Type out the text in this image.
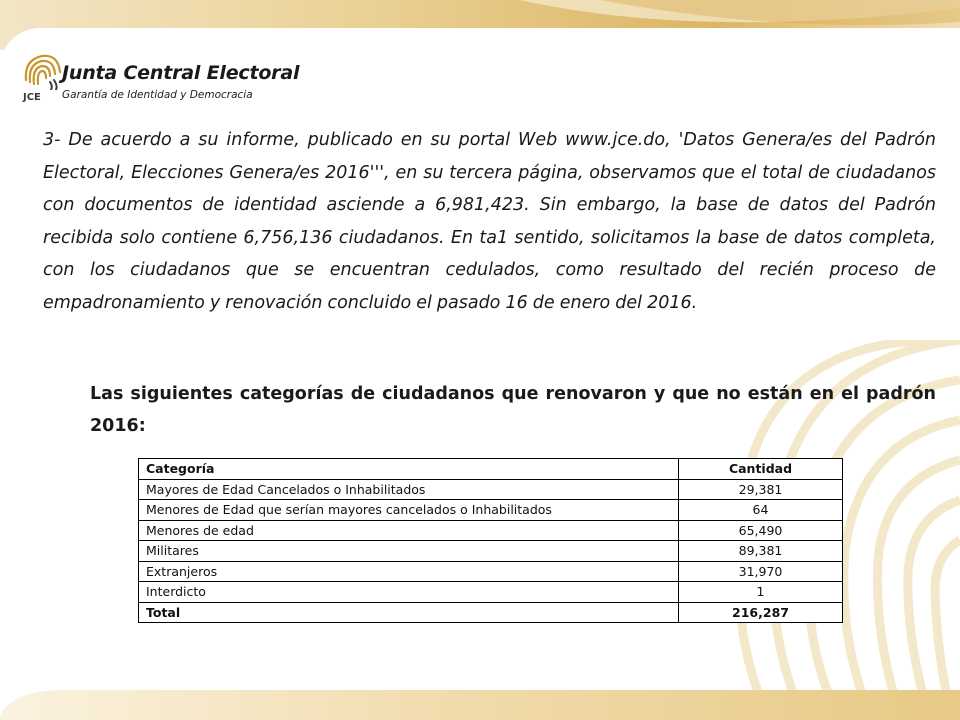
JCE
Junta Central Electoral
Garantía de Identidad y Democracia

3- De acuerdo a su informe, publicado en su portal Web www.jce.do, 'Datos Genera/es del Padrón Electoral, Elecciones Genera/es 2016''', en su tercera página, observamos que el total de ciudadanos con documentos de identidad asciende a 6,981,423. Sin embargo, la base de datos del Padrón recibida solo contiene 6,756,136 ciudadanos. En ta1 sentido, solicitamos la base de datos completa, con los ciudadanos que se encuentran cedulados, como resultado del recién proceso de empadronamiento y renovación concluido el pasado 16 de enero del 2016.

Las siguientes categorías de ciudadanos que renovaron y que no están en el padrón 2016:

Categoría	Cantidad
Mayores de Edad Cancelados o Inhabilitados	29,381
Menores de Edad que serían mayores cancelados o Inhabilitados	64
Menores de edad	65,490
Militares	89,381
Extranjeros	31,970
Interdicto	1
Total	216,287
